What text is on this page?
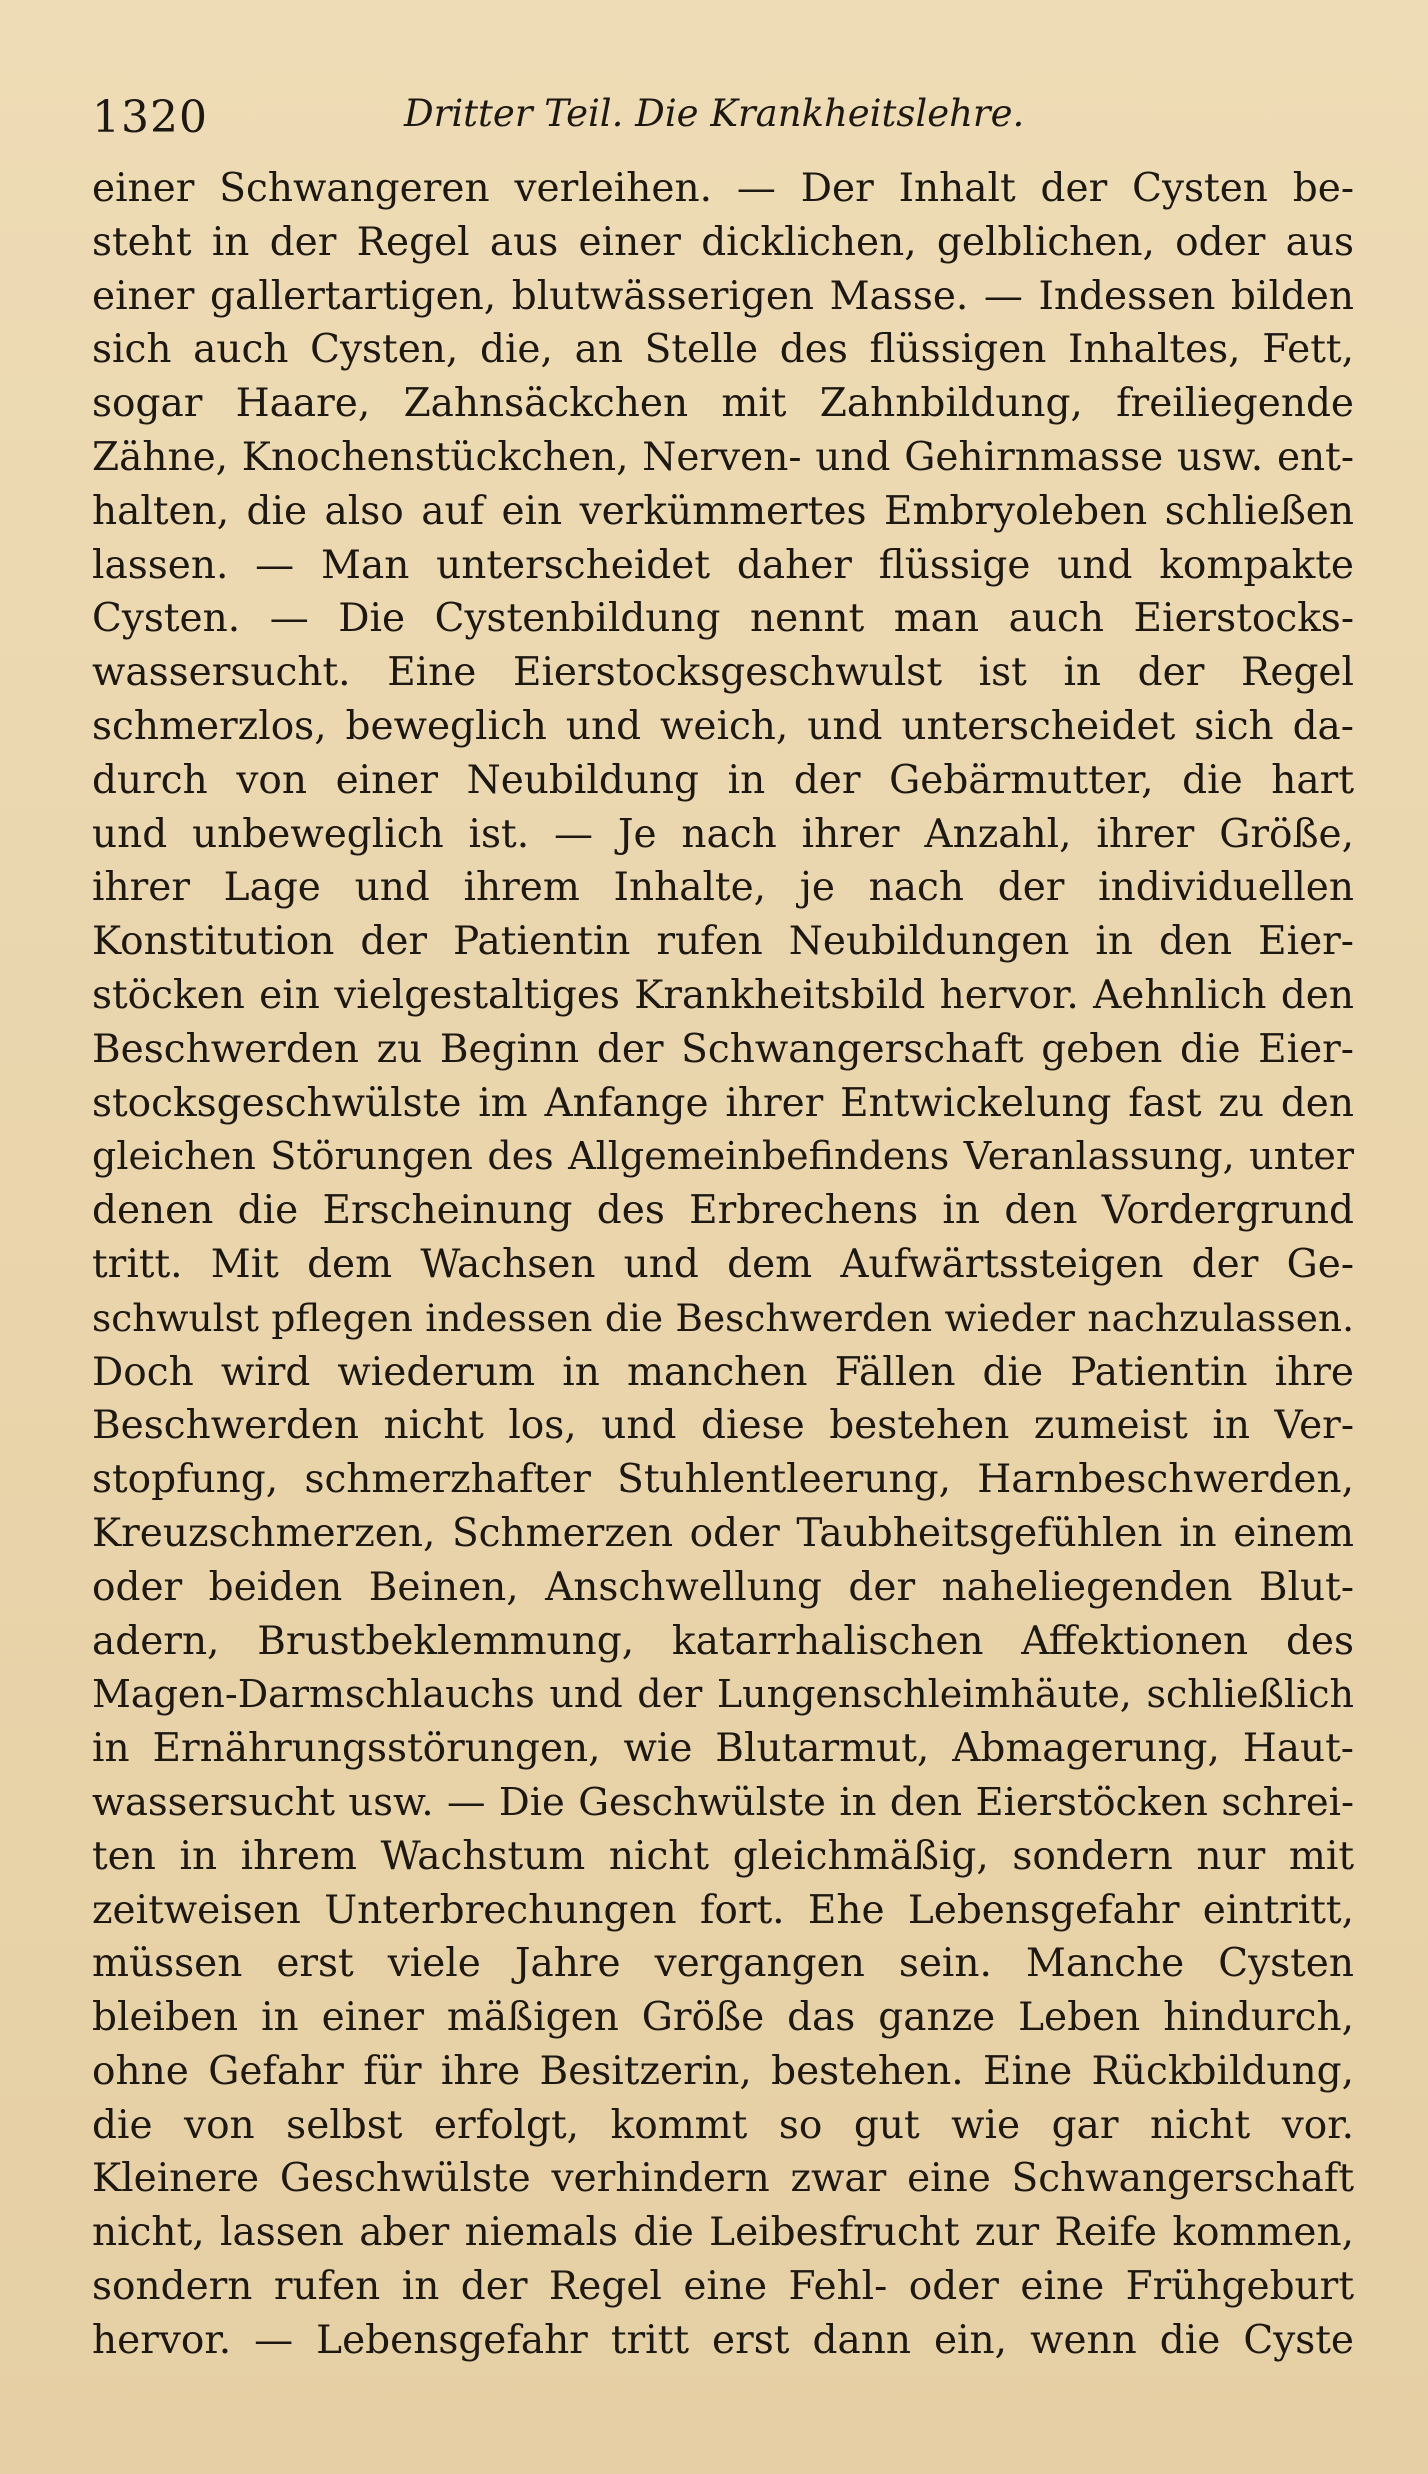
1320	Dritter Teil. Die Krankheitslehre.
einer Schwangeren verleihen. — Der Inhalt der Cysten be-
steht in der Regel aus einer dicklichen, gelblichen, oder aus
einer gallertartigen, blutwässerigen Masse. — Indessen bilden
sich auch Cysten, die, an Stelle des flüssigen Inhaltes, Fett,
sogar Haare, Zahnsäckchen mit Zahnbildung, freiliegende
Zähne, Knochenstückchen, Nerven- und Gehirnmasse usw. ent-
halten, die also auf ein verkümmertes Embryoleben schließen
lassen. — Man unterscheidet daher flüssige und kompakte
Cysten. — Die Cystenbildung nennt man auch Eierstocks-
wassersucht. Eine Eierstocksgeschwulst ist in der Regel
schmerzlos, beweglich und weich, und unterscheidet sich da-
durch von einer Neubildung in der Gebärmutter, die hart
und unbeweglich ist. — Je nach ihrer Anzahl, ihrer Größe,
ihrer Lage und ihrem Inhalte, je nach der individuellen
Konstitution der Patientin rufen Neubildungen in den Eier-
stöcken ein vielgestaltiges Krankheitsbild hervor. Aehnlich den
Beschwerden zu Beginn der Schwangerschaft geben die Eier-
stocksgeschwülste im Anfange ihrer Entwickelung fast zu den
gleichen Störungen des Allgemeinbefindens Veranlassung, unter
denen die Erscheinung des Erbrechens in den Vordergrund
tritt. Mit dem Wachsen und dem Aufwärtssteigen der Ge-
schwulst pflegen indessen die Beschwerden wieder nachzulassen.
Doch wird wiederum in manchen Fällen die Patientin ihre
Beschwerden nicht los, und diese bestehen zumeist in Ver-
stopfung, schmerzhafter Stuhlentleerung, Harnbeschwerden,
Kreuzschmerzen, Schmerzen oder Taubheitsgefühlen in einem
oder beiden Beinen, Anschwellung der naheliegenden Blut-
adern, Brustbeklemmung, katarrhalischen Affektionen des
Magen-Darmschlauchs und der Lungenschleimhäute, schließlich
in Ernährungsstörungen, wie Blutarmut, Abmagerung, Haut-
wassersucht usw. — Die Geschwülste in den Eierstöcken schrei-
ten in ihrem Wachstum nicht gleichmäßig, sondern nur mit
zeitweisen Unterbrechungen fort. Ehe Lebensgefahr eintritt,
müssen erst viele Jahre vergangen sein. Manche Cysten
bleiben in einer mäßigen Größe das ganze Leben hindurch,
ohne Gefahr für ihre Besitzerin, bestehen. Eine Rückbildung,
die von selbst erfolgt, kommt so gut wie gar nicht vor.
Kleinere Geschwülste verhindern zwar eine Schwangerschaft
nicht, lassen aber niemals die Leibesfrucht zur Reife kommen,
sondern rufen in der Regel eine Fehl- oder eine Frühgeburt
hervor. — Lebensgefahr tritt erst dann ein, wenn die Cyste
